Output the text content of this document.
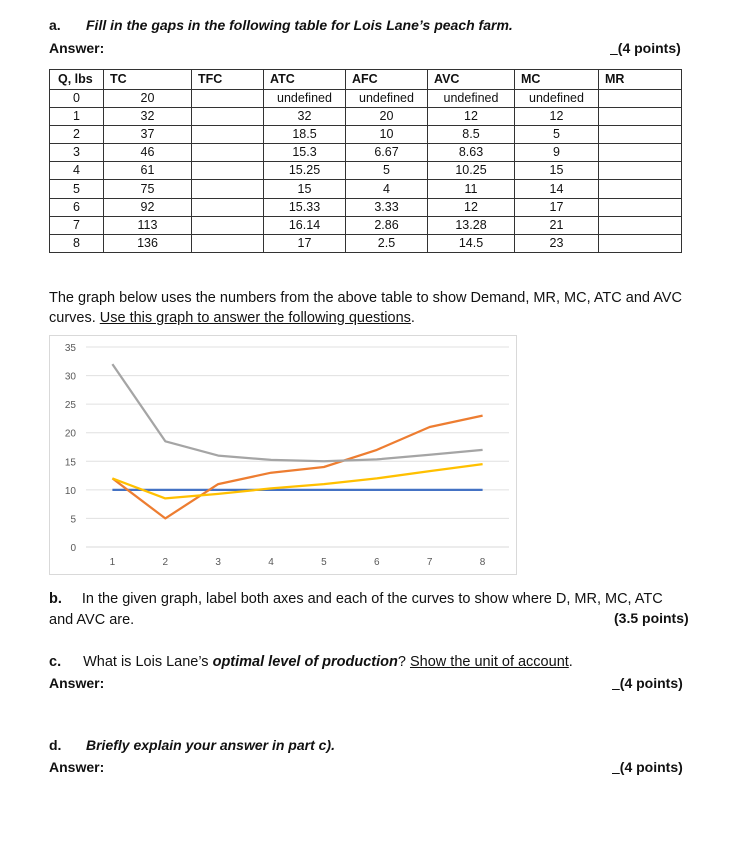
a. Fill in the gaps in the following table for Lois Lane’s peach farm.
Answer:	(4 points)
Q, lbs	TC	TFC	ATC	AFC	AVC	MC	MR
0	20		undefined	undefined	undefined	undefined	
1	32		32	20	12	12	
2	37		18.5	10	8.5	5	
3	46		15.3	6.67	8.63	9	
4	61		15.25	5	10.25	15	
5	75		15	4	11	14	
6	92		15.33	3.33	12	17	
7	113		16.14	2.86	13.28	21	
8	136		17	2.5	14.5	23	
The graph below uses the numbers from the above table to show Demand, MR, MC, ATC and AVC
curves. Use this graph to answer the following questions.
0
5
10
15
20
25
30
35
1	2	3	4	5	6	7	8
b. In the given graph, label both axes and each of the curves to show where D, MR, MC, ATC
and AVC are.	(3.5 points)
c. What is Lois Lane’s optimal level of production? Show the unit of account.
Answer:	(4 points)
d. Briefly explain your answer in part c).
Answer:	(4 points)
